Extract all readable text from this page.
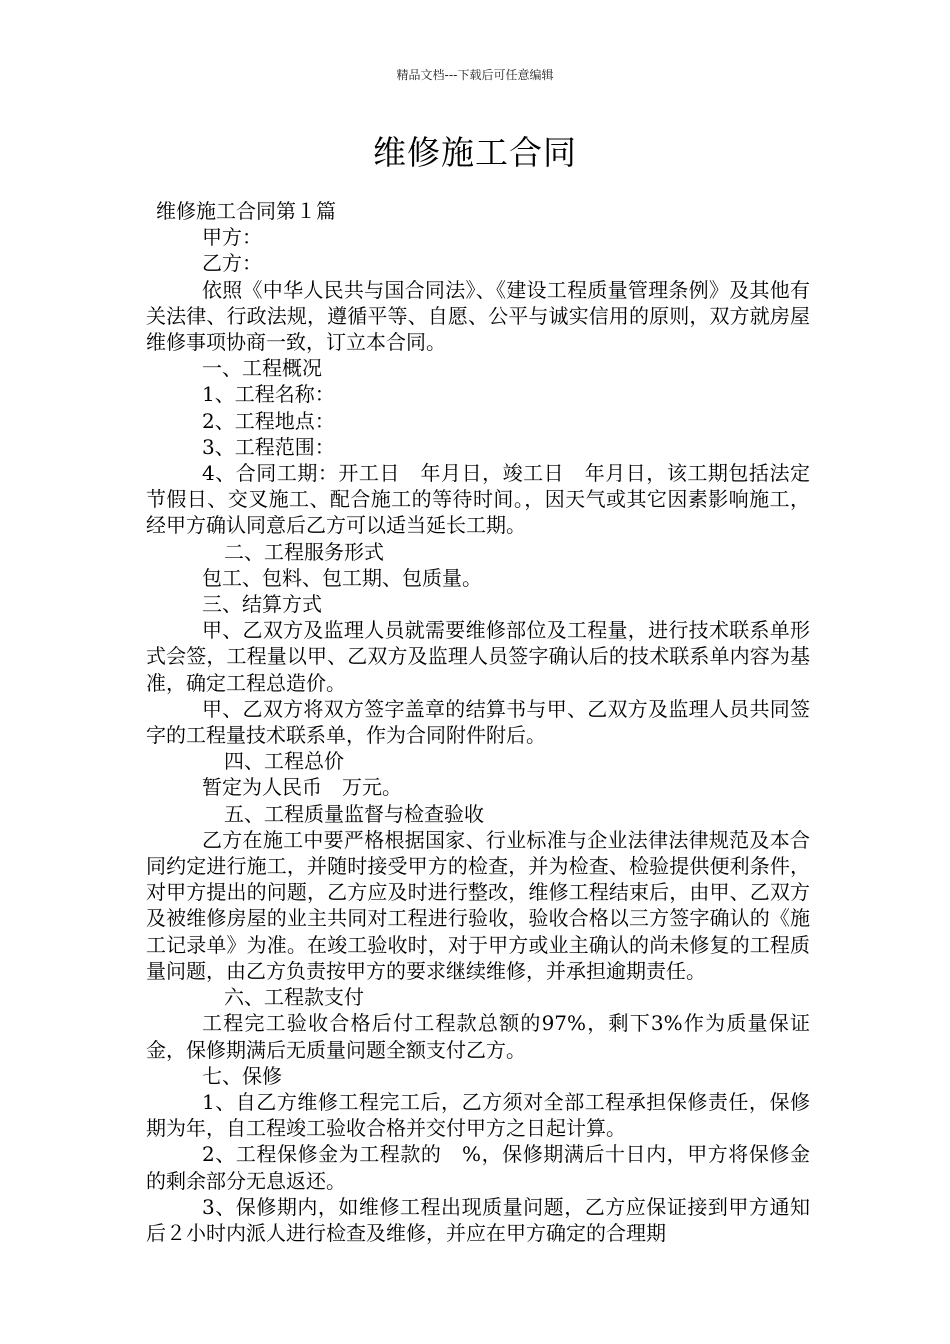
精品文档---下载后可任意编辑
维修施工合同

维修施工合同第１篇

甲方：

乙方：

依照《中华人民共与国合同法》、《建设工程质量管理条例》及其他有关法律、行政法规，遵循平等、自愿、公平与诚实信用的原则，双方就房屋维修事项协商一致，订立本合同。

一、工程概况

1、工程名称：

2、工程地点：

3、工程范围：

4、合同工期：开工日　年月日，竣工日　年月日，该工期包括法定节假日、交叉施工、配合施工的等待时间。，因天气或其它因素影响施工，经甲方确认同意后乙方可以适当延长工期。

二、工程服务形式

包工、包料、包工期、包质量。

三、结算方式

甲、乙双方及监理人员就需要维修部位及工程量，进行技术联系单形式会签，工程量以甲、乙双方及监理人员签字确认后的技术联系单内容为基准，确定工程总造价。

甲、乙双方将双方签字盖章的结算书与甲、乙双方及监理人员共同签字的工程量技术联系单，作为合同附件附后。

四、工程总价

暂定为人民币　万元。

五、工程质量监督与检查验收

乙方在施工中要严格根据国家、行业标准与企业法律法律规范及本合同约定进行施工，并随时接受甲方的检查，并为检查、检验提供便利条件，对甲方提出的问题，乙方应及时进行整改，维修工程结束后，由甲、乙双方及被维修房屋的业主共同对工程进行验收，验收合格以三方签字确认的《施工记录单》为准。在竣工验收时，对于甲方或业主确认的尚未修复的工程质量问题，由乙方负责按甲方的要求继续维修，并承担逾期责任。

六、工程款支付

工程完工验收合格后付工程款总额的97%，剩下3%作为质量保证金，保修期满后无质量问题全额支付乙方。

七、保修

1、自乙方维修工程完工后，乙方须对全部工程承担保修责任，保修期为年，自工程竣工验收合格并交付甲方之日起计算。

2、工程保修金为工程款的　%，保修期满后十日内，甲方将保修金的剩余部分无息返还。

3、保修期内，如维修工程出现质量问题，乙方应保证接到甲方通知后２小时内派人进行检查及维修，并应在甲方确定的合理期
